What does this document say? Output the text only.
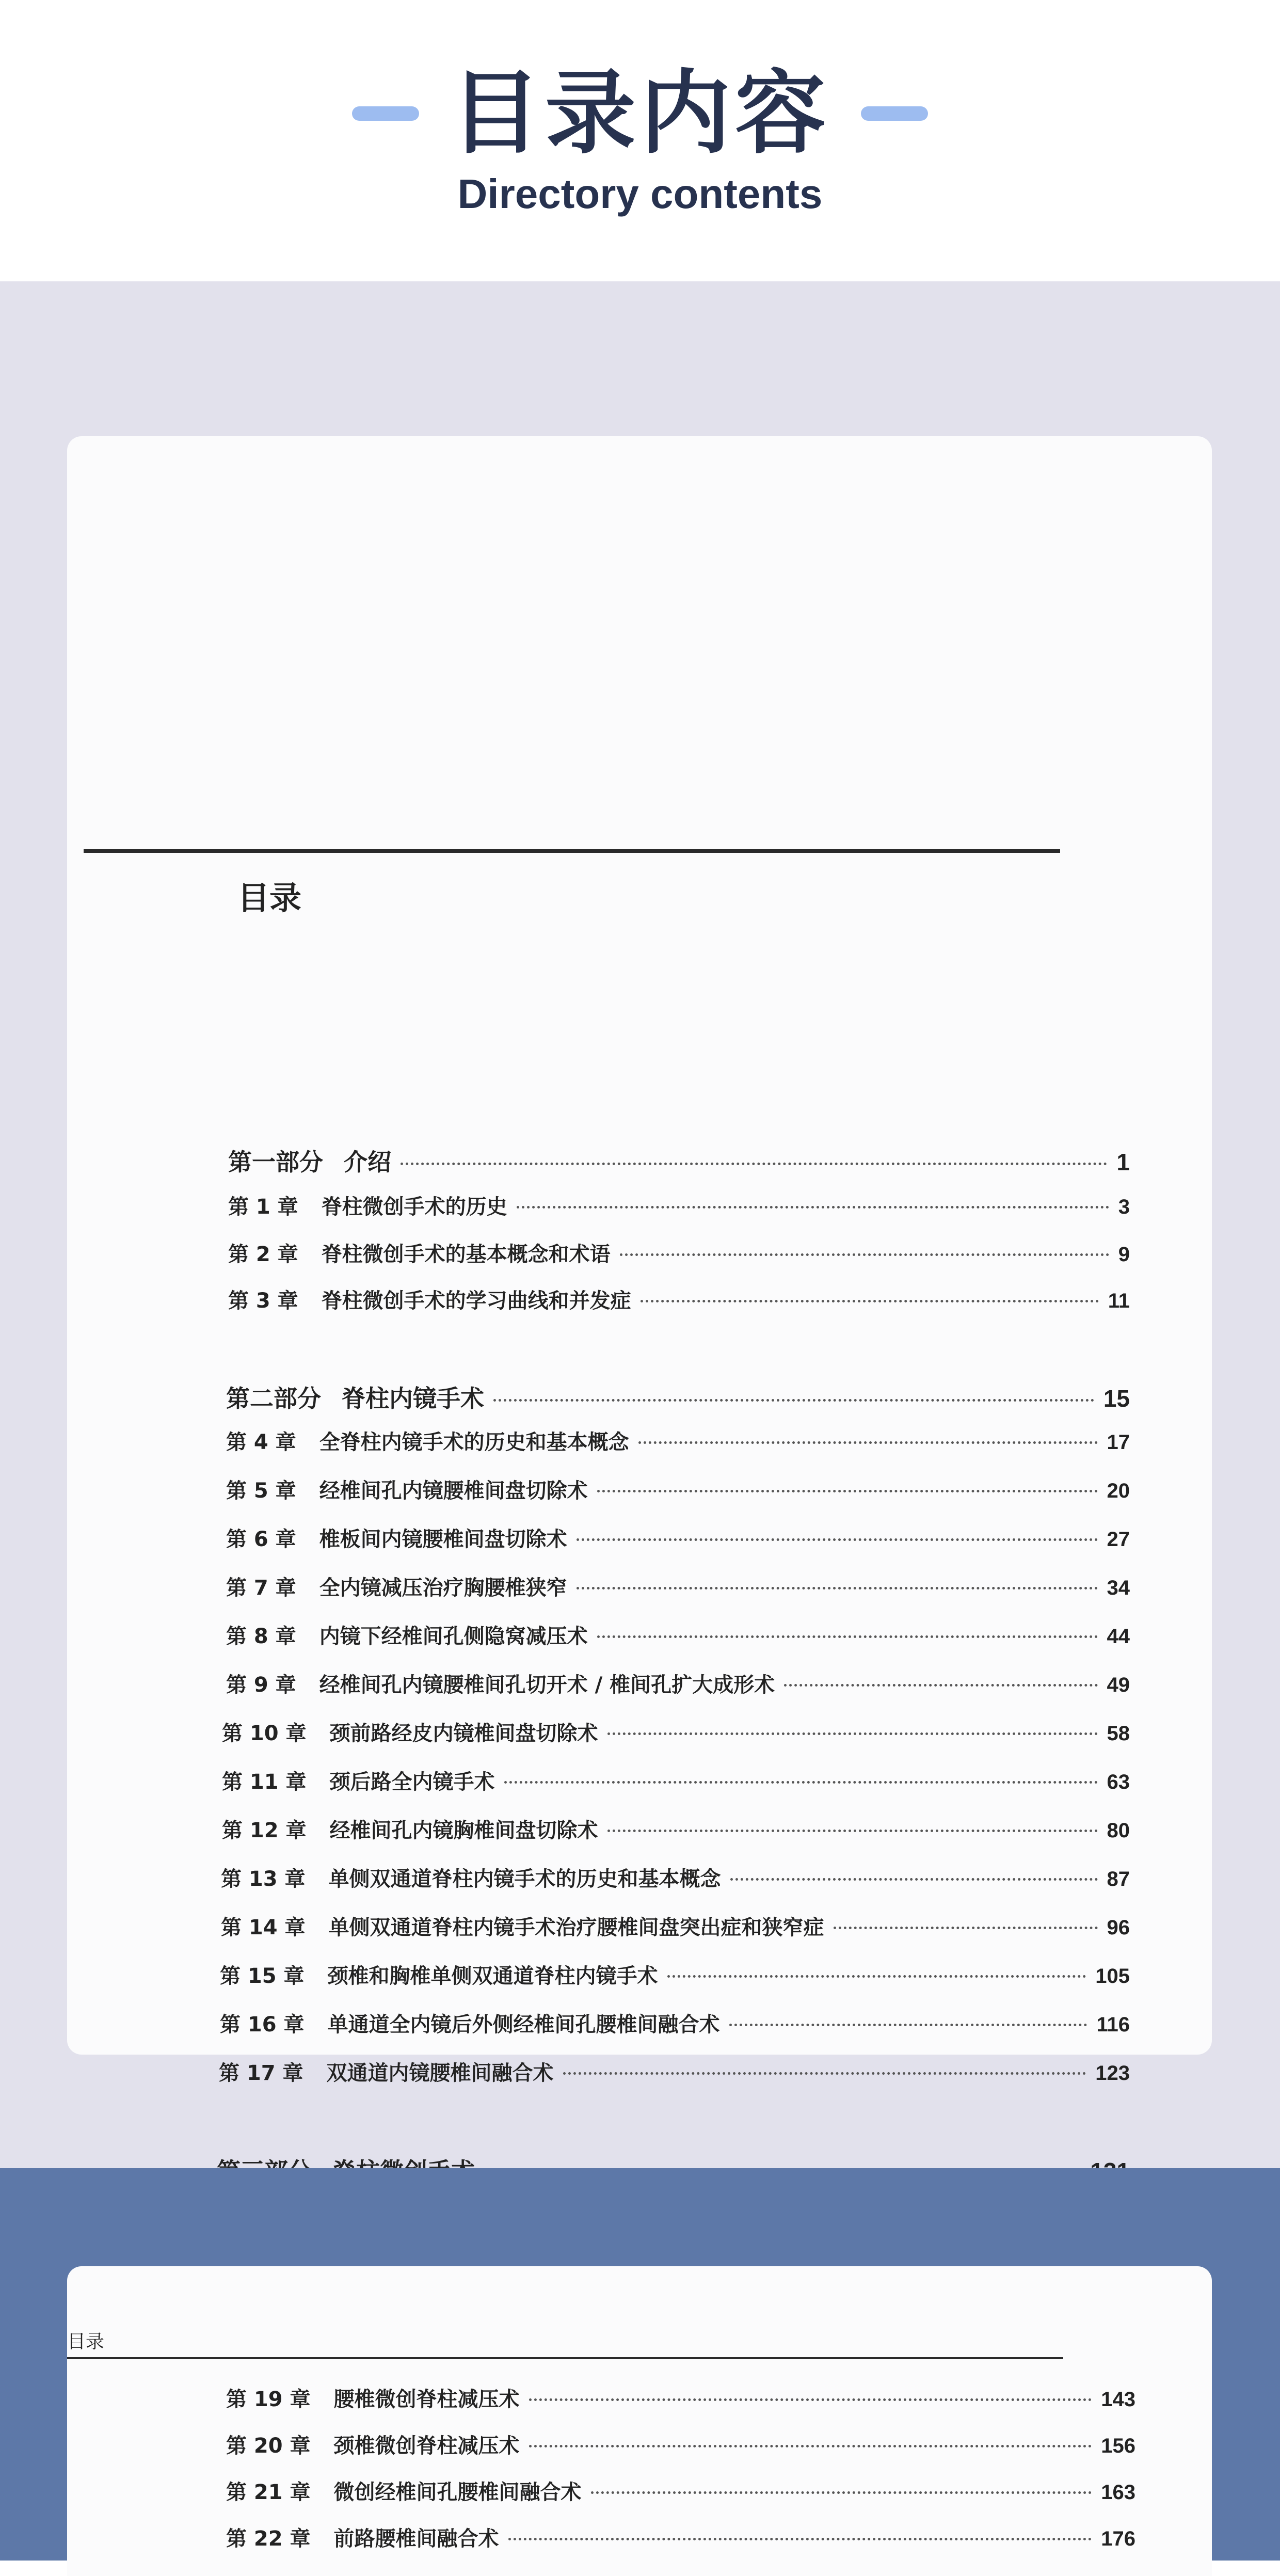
目录内容
Directory contents
目录
第一部分 介绍	1
第 1 章 脊柱微创手术的历史	3
第 2 章 脊柱微创手术的基本概念和术语	9
第 3 章 脊柱微创手术的学习曲线和并发症	11
第二部分 脊柱内镜手术	15
第 4 章 全脊柱内镜手术的历史和基本概念	17
第 5 章 经椎间孔内镜腰椎间盘切除术	20
第 6 章 椎板间内镜腰椎间盘切除术	27
第 7 章 全内镜减压治疗胸腰椎狭窄	34
第 8 章 内镜下经椎间孔侧隐窝减压术	44
第 9 章 经椎间孔内镜腰椎间孔切开术 / 椎间孔扩大成形术	49
第 10 章 颈前路经皮内镜椎间盘切除术	58
第 11 章 颈后路全内镜手术	63
第 12 章 经椎间孔内镜胸椎间盘切除术	80
第 13 章 单侧双通道脊柱内镜手术的历史和基本概念	87
第 14 章 单侧双通道脊柱内镜手术治疗腰椎间盘突出症和狭窄症	96
第 15 章 颈椎和胸椎单侧双通道脊柱内镜手术	105
第 16 章 单通道全内镜后外侧经椎间孔腰椎间融合术	116
第 17 章 双通道内镜腰椎间融合术	123
目录
第 19 章 腰椎微创脊柱减压术	143
第 20 章 颈椎微创脊柱减压术	156
第 21 章 微创经椎间孔腰椎间融合术	163
第 22 章 前路腰椎间融合术	176
